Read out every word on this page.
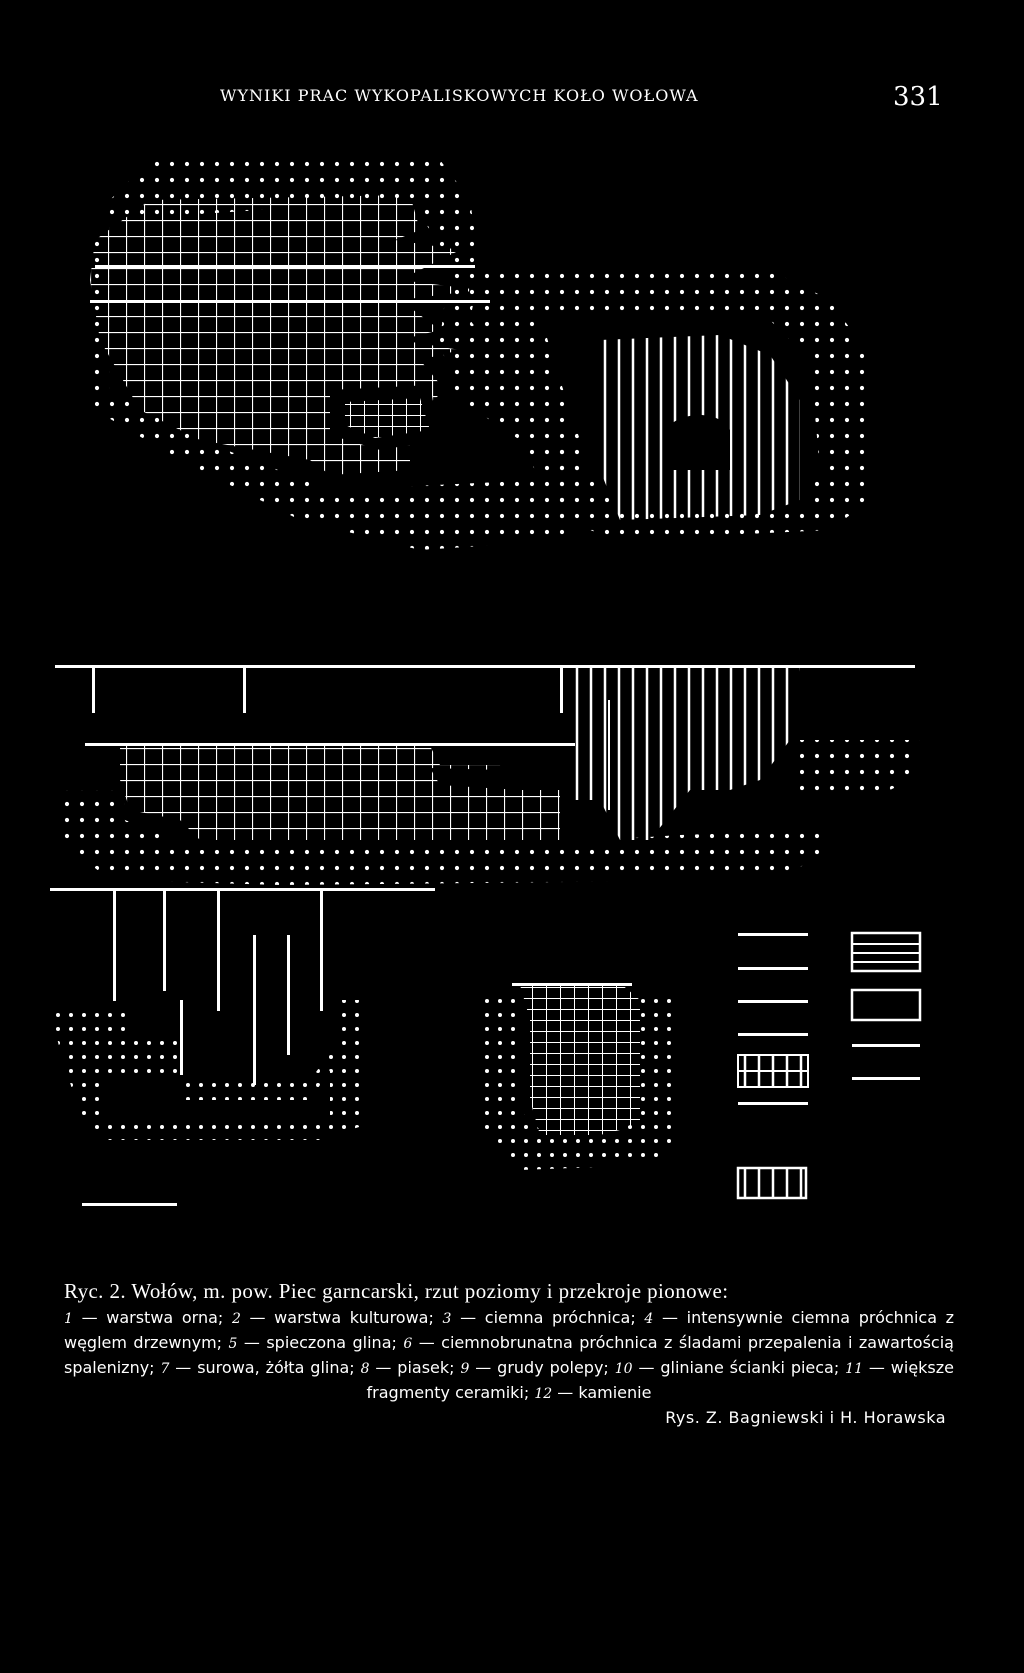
WYNIKI PRAC WYKOPALISKOWYCH KOŁO WOŁOWA	331
Ryc. 2. Wołów, m. pow. Piec garncarski, rzut poziomy i przekroje pionowe:
1 — warstwa orna; 2 — warstwa kulturowa; 3 — ciemna próchnica; 4 — intensywnie ciemna próchnica z węglem drzewnym; 5 — spieczona glina; 6 — ciemnobrunatna próchnica z śladami przepalenia i zawartością spalenizny; 7 — surowa, żółta glina; 8 — piasek; 9 — grudy polepy; 10 — gliniane ścianki pieca; 11 — większe fragmenty ceramiki; 12 — kamienie
Rys. Z. Bagniewski i H. Horawska
